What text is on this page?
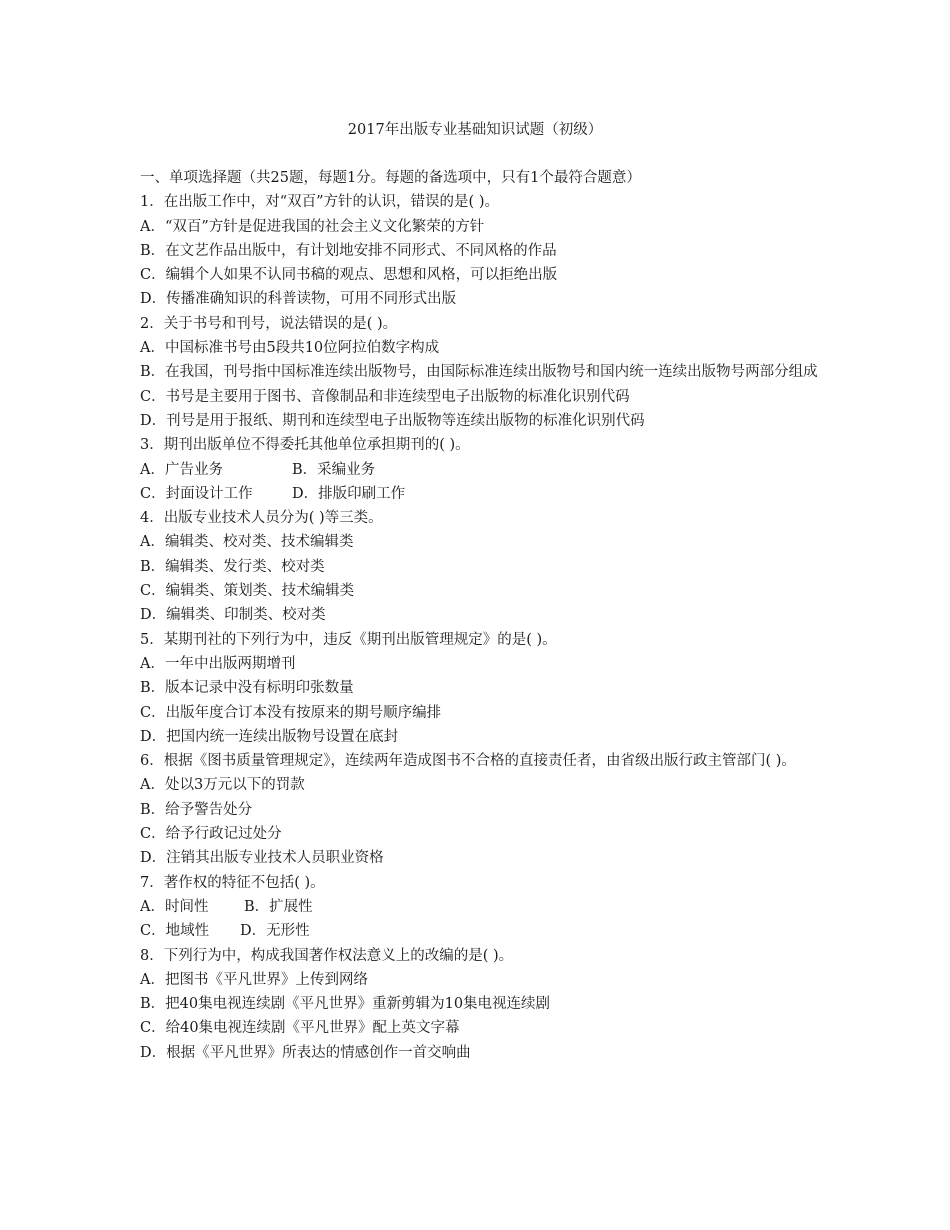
2017年出版专业基础知识试题（初级）
一、单项选择题（共25题，每题1分。每题的备选项中，只有1个最符合题意）
1．在出版工作中，对“双百”方针的认识，错误的是( )。
A．“双百”方针是促进我国的社会主义文化繁荣的方针
B．在文艺作品出版中，有计划地安排不同形式、不同风格的作品
C．编辑个人如果不认同书稿的观点、思想和风格，可以拒绝出版
D．传播准确知识的科普读物，可用不同形式出版
2．关于书号和刊号，说法错误的是( )。
A．中国标准书号由5段共10位阿拉伯数字构成
B．在我国，刊号指中国标准连续出版物号，由国际标准连续出版物号和国内统一连续出版物号两部分组成
C．书号是主要用于图书、音像制品和非连续型电子出版物的标准化识别代码
D．刊号是用于报纸、期刊和连续型电子出版物等连续出版物的标准化识别代码
3．期刊出版单位不得委托其他单位承担期刊的( )。
A．广告业务	B．采编业务
C．封面设计工作	D．排版印刷工作
4．出版专业技术人员分为( )等三类。
A．编辑类、校对类、技术编辑类
B．编辑类、发行类、校对类
C．编辑类、策划类、技术编辑类
D．编辑类、印制类、校对类
5．某期刊社的下列行为中，违反《期刊出版管理规定》的是( )。
A．一年中出版两期增刊
B．版本记录中没有标明印张数量
C．出版年度合订本没有按原来的期号顺序编排
D．把国内统一连续出版物号设置在底封
6．根据《图书质量管理规定》，连续两年造成图书不合格的直接责任者，由省级出版行政主管部门( )。
A．处以3万元以下的罚款
B．给予警告处分
C．给予行政记过处分
D．注销其出版专业技术人员职业资格
7．著作权的特征不包括( )。
A．时间性	B．扩展性
C．地域性	D．无形性
8．下列行为中，构成我国著作权法意义上的改编的是( )。
A．把图书《平凡世界》上传到网络
B．把40集电视连续剧《平凡世界》重新剪辑为10集电视连续剧
C．给40集电视连续剧《平凡世界》配上英文字幕
D．根据《平凡世界》所表达的情感创作一首交响曲
